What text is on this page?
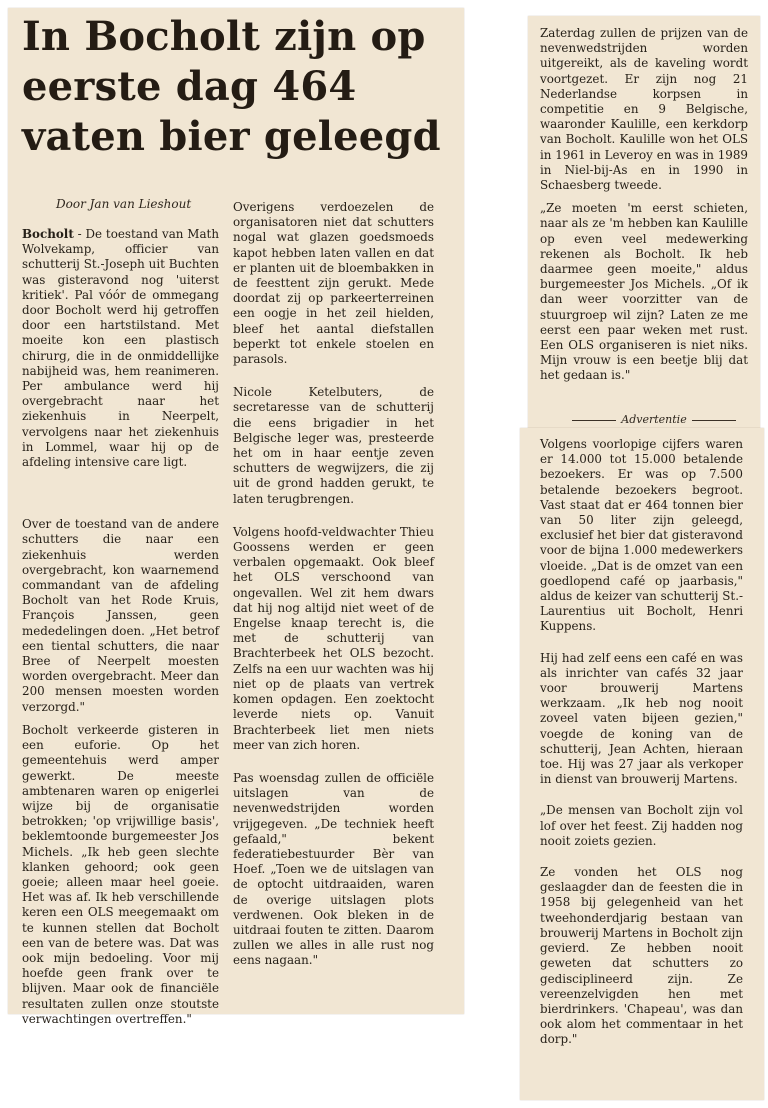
In Bocholt zijn op eerste dag 464 vaten bier geleegd
Door Jan van Lieshout

Bocholt - De toestand van Math Wolvekamp, officier van schutterij St.-Joseph uit Buchten was gisteravond nog 'uiterst kritiek'. Pal vóór de ommegang door Bocholt werd hij getroffen door een hartstilstand. Met moeite kon een plastisch chirurg, die in de onmiddellijke nabijheid was, hem reanimeren. Per ambulance werd hij overgebracht naar het ziekenhuis in Neerpelt, vervolgens naar het ziekenhuis in Lommel, waar hij op de afdeling intensive care ligt.

Over de toestand van de andere schutters die naar een ziekenhuis werden overgebracht, kon waarnemend commandant van de afdeling Bocholt van het Rode Kruis, François Janssen, geen mededelingen doen. „Het betrof een tiental schutters, die naar Bree of Neerpelt moesten worden overgebracht. Meer dan 200 mensen moesten worden verzorgd."

Bocholt verkeerde gisteren in een euforie. Op het gemeentehuis werd amper gewerkt. De meeste ambtenaren waren op enigerlei wijze bij de organisatie betrokken; 'op vrijwillige basis', beklemtoonde burgemeester Jos Michels. „Ik heb geen slechte klanken gehoord; ook geen goeie; alleen maar heel goeie. Het was af. Ik heb verschillende keren een OLS meegemaakt om te kunnen stellen dat Bocholt een van de betere was. Dat was ook mijn bedoeling. Voor mij hoefde geen frank over te blijven. Maar ook de financiële resultaten zullen onze stoutste verwachtingen overtreffen."

Overigens verdoezelen de organisatoren niet dat schutters nogal wat glazen goedsmoeds kapot hebben laten vallen en dat er planten uit de bloembakken in de feesttent zijn gerukt. Mede doordat zij op parkeerterreinen een oogje in het zeil hielden, bleef het aantal diefstallen beperkt tot enkele stoelen en parasols.

Nicole Ketelbuters, de secretaresse van de schutterij die eens brigadier in het Belgische leger was, presteerde het om in haar eentje zeven schutters de wegwijzers, die zij uit de grond hadden gerukt, te laten terugbrengen.

Volgens hoofd-veldwachter Thieu Goossens werden er geen verbalen opgemaakt. Ook bleef het OLS verschoond van ongevallen. Wel zit hem dwars dat hij nog altijd niet weet of de Engelse knaap terecht is, die met de schutterij van Brachterbeek het OLS bezocht. Zelfs na een uur wachten was hij niet op de plaats van vertrek komen opdagen. Een zoektocht leverde niets op. Vanuit Brachterbeek liet men niets meer van zich horen.

Pas woensdag zullen de officiële uitslagen van de nevenwedstrijden worden vrijgegeven. „De techniek heeft gefaald," bekent federatiebestuurder Bèr van Hoef. „Toen we de uitslagen van de optocht uitdraaiden, waren de overige uitslagen plots verdwenen. Ook bleken in de uitdraai fouten te zitten. Daarom zullen we alles in alle rust nog eens nagaan."

Zaterdag zullen de prijzen van de nevenwedstrijden worden uitgereikt, als de kaveling wordt voortgezet. Er zijn nog 21 Nederlandse korpsen in competitie en 9 Belgische, waaronder Kaulille, een kerkdorp van Bocholt. Kaulille won het OLS in 1961 in Leveroy en was in 1989 in Niel-bij-As en in 1990 in Schaesberg tweede.

„Ze moeten 'm eerst schieten, naar als ze 'm hebben kan Kaulille op even veel medewerking rekenen als Bocholt. Ik heb daarmee geen moeite," aldus burgemeester Jos Michels. „Of ik dan weer voorzitter van de stuurgroep wil zijn? Laten ze me eerst een paar weken met rust. Een OLS organiseren is niet niks. Mijn vrouw is een beetje blij dat het gedaan is."

Advertentie

Volgens voorlopige cijfers waren er 14.000 tot 15.000 betalende bezoekers. Er was op 7.500 betalende bezoekers begroot. Vast staat dat er 464 tonnen bier van 50 liter zijn geleegd, exclusief het bier dat gisteravond voor de bijna 1.000 medewerkers vloeide. „Dat is de omzet van een goedlopend café op jaarbasis," aldus de keizer van schutterij St.-Laurentius uit Bocholt, Henri Kuppens.

Hij had zelf eens een café en was als inrichter van cafés 32 jaar voor brouwerij Martens werkzaam. „Ik heb nog nooit zoveel vaten bijeen gezien," voegde de koning van de schutterij, Jean Achten, hieraan toe. Hij was 27 jaar als verkoper in dienst van brouwerij Martens.

„De mensen van Bocholt zijn vol lof over het feest. Zij hadden nog nooit zoiets gezien.

Ze vonden het OLS nog geslaagder dan de feesten die in 1958 bij gelegenheid van het tweehonderdjarig bestaan van brouwerij Martens in Bocholt zijn gevierd. Ze hebben nooit geweten dat schutters zo gedisciplineerd zijn. Ze vereenzelvigden hen met bierdrinkers. 'Chapeau', was dan ook alom het commentaar in het dorp."
